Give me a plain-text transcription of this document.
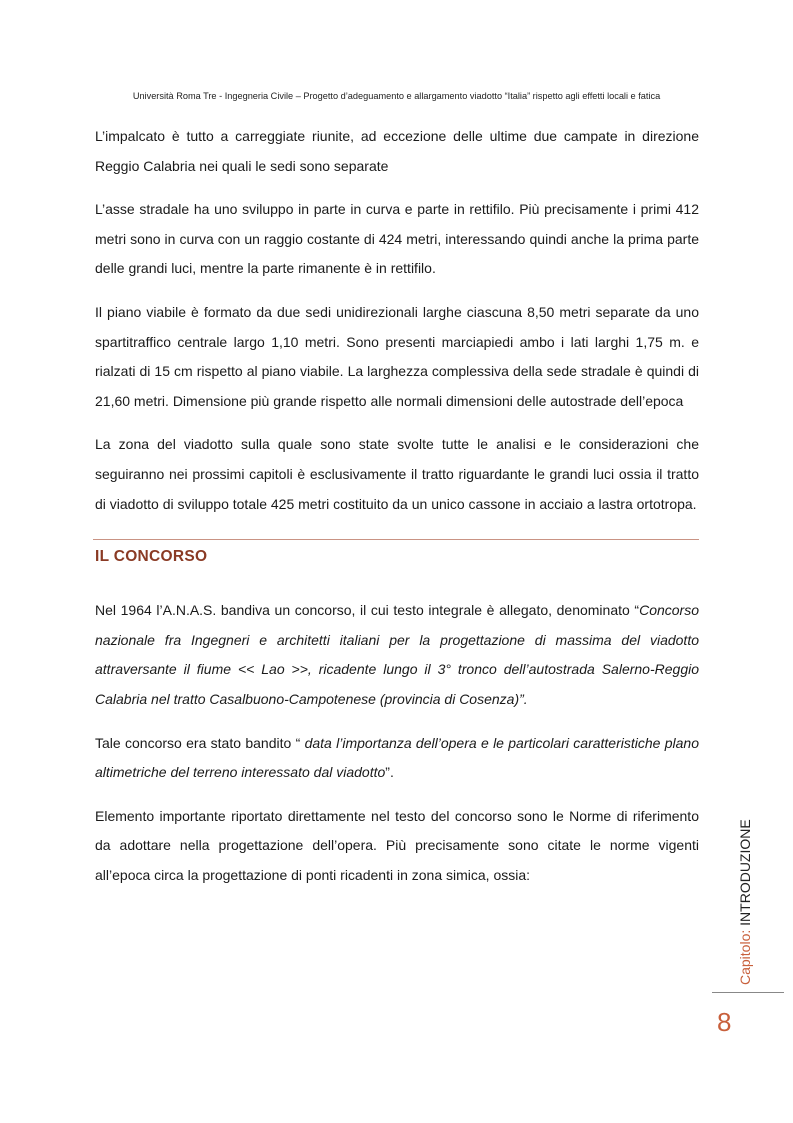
Università Roma Tre - Ingegneria Civile – Progetto d’adeguamento e allargamento viadotto “Italia” rispetto agli effetti locali e fatica

L’impalcato è tutto a carreggiate riunite, ad eccezione delle ultime due campate in direzione Reggio Calabria nei quali le sedi sono separate

L’asse stradale ha uno sviluppo in parte in curva e parte in rettifilo. Più precisamente i primi 412 metri sono in curva con un raggio costante di 424 metri, interessando quindi anche la prima parte delle grandi luci, mentre la parte rimanente è in rettifilo.

Il piano viabile è formato da due sedi unidirezionali larghe ciascuna 8,50 metri separate da uno spartitraffico centrale largo 1,10 metri. Sono presenti marciapiedi ambo i lati larghi 1,75 m. e rialzati di 15 cm rispetto al piano viabile. La larghezza complessiva della sede stradale è quindi di 21,60 metri. Dimensione più grande rispetto alle normali dimensioni delle autostrade dell’epoca

La zona del viadotto sulla quale sono state svolte tutte le analisi e le considerazioni che seguiranno nei prossimi capitoli è esclusivamente il tratto riguardante le grandi luci ossia il tratto di viadotto di sviluppo totale 425 metri costituito da un unico cassone in acciaio a lastra ortotropa.

IL CONCORSO

Nel 1964 l’A.N.A.S. bandiva un concorso, il cui testo integrale è allegato, denominato “Concorso nazionale fra Ingegneri e architetti italiani per la progettazione di massima del viadotto attraversante il fiume << Lao >>, ricadente lungo il 3° tronco dell’autostrada Salerno-Reggio Calabria nel tratto Casalbuono-Campotenese (provincia di Cosenza)”.

Tale concorso era stato bandito “ data l’importanza dell’opera e le particolari caratteristiche plano altimetriche del terreno interessato dal viadotto”.

Elemento importante riportato direttamente nel testo del concorso sono le Norme di riferimento da adottare nella progettazione dell’opera. Più precisamente sono citate le norme vigenti all’epoca circa la progettazione di ponti ricadenti in zona simica, ossia:

Capitolo: INTRODUZIONE
8
